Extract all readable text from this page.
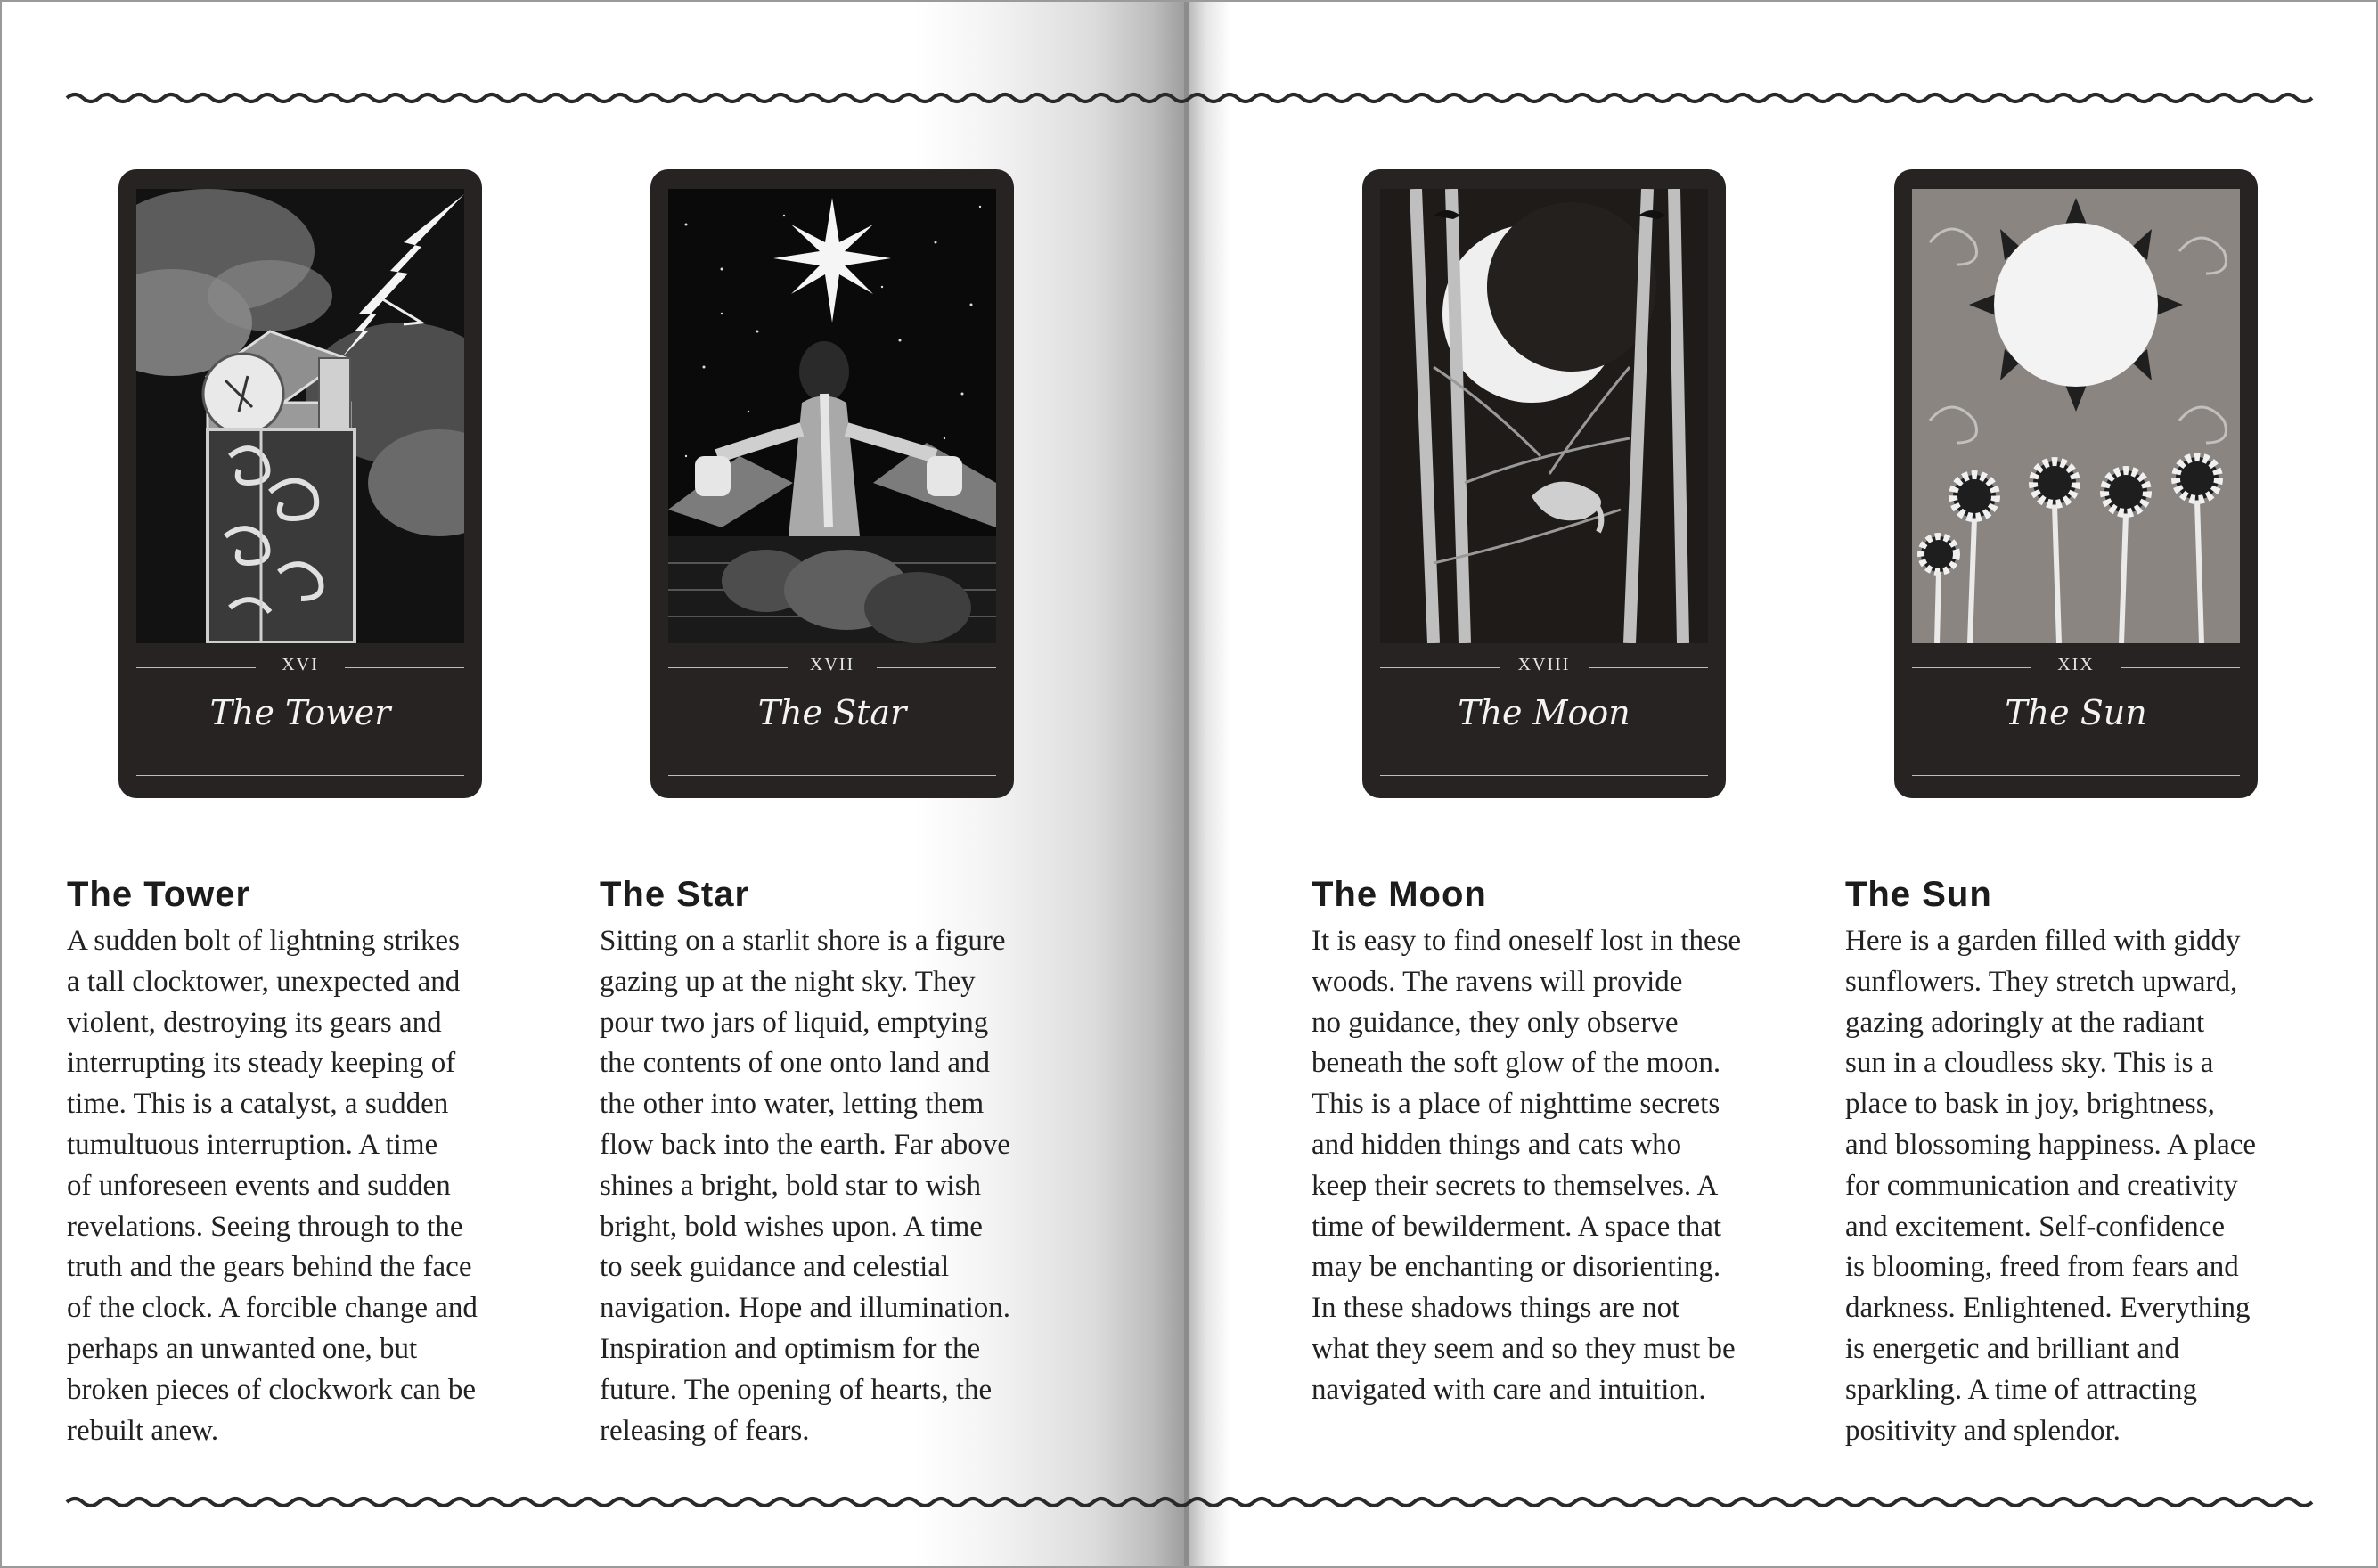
XVI
The Tower
XVII
The Star
XVIII
The Moon
XIX
The Sun
The Tower

A sudden bolt of lightning strikes
a tall clocktower, unexpected and
violent, destroying its gears and
interrupting its steady keeping of
time. This is a catalyst, a sudden
tumultuous interruption. A time
of unforeseen events and sudden
revelations. Seeing through to the
truth and the gears behind the face
of the clock. A forcible change and
perhaps an unwanted one, but
broken pieces of clockwork can be
rebuilt anew.

The Star

Sitting on a starlit shore is a figure
gazing up at the night sky. They
pour two jars of liquid, emptying
the contents of one onto land and
the other into water, letting them
flow back into the earth. Far above
shines a bright, bold star to wish
bright, bold wishes upon. A time
to seek guidance and celestial
navigation. Hope and illumination.
Inspiration and optimism for the
future. The opening of hearts, the
releasing of fears.

The Moon

It is easy to find oneself lost in these
woods. The ravens will provide
no guidance, they only observe
beneath the soft glow of the moon.
This is a place of nighttime secrets
and hidden things and cats who
keep their secrets to themselves. A
time of bewilderment. A space that
may be enchanting or disorienting.
In these shadows things are not
what they seem and so they must be
navigated with care and intuition.

The Sun

Here is a garden filled with giddy
sunflowers. They stretch upward,
gazing adoringly at the radiant
sun in a cloudless sky. This is a
place to bask in joy, brightness,
and blossoming happiness. A place
for communication and creativity
and excitement. Self-confidence
is blooming, freed from fears and
darkness. Enlightened. Everything
is energetic and brilliant and
sparkling. A time of attracting
positivity and splendor.
